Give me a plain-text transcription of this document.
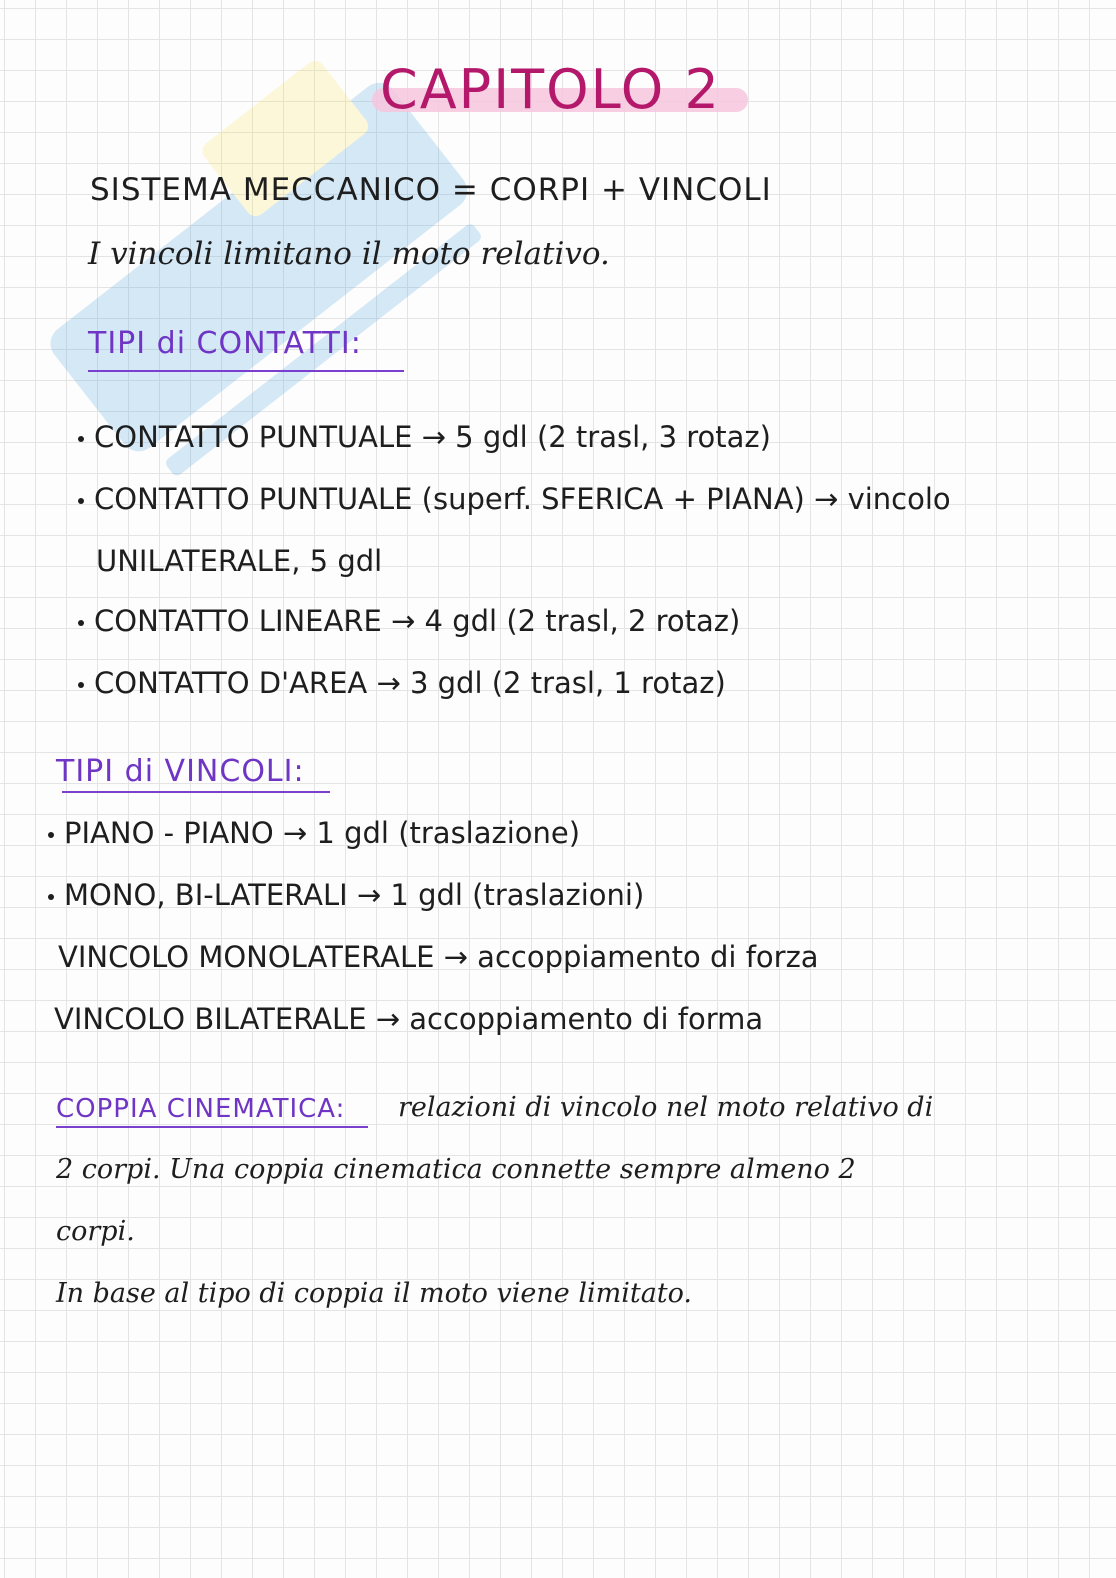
CAPITOLO 2
SISTEMA MECCANICO = CORPI + VINCOLI
I vincoli limitano il moto relativo.
TIPI di CONTATTI:
CONTATTO PUNTUALE → 5 gdl (2 trasl, 3 rotaz)
CONTATTO PUNTUALE (superf. SFERICA + PIANA) → vincolo
UNILATERALE, 5 gdl
CONTATTO LINEARE → 4 gdl (2 trasl, 2 rotaz)
CONTATTO D'AREA → 3 gdl (2 trasl, 1 rotaz)
TIPI di VINCOLI:
PIANO - PIANO → 1 gdl (traslazione)
MONO, BI-LATERALI → 1 gdl (traslazioni)
VINCOLO MONOLATERALE → accoppiamento di forza
VINCOLO BILATERALE → accoppiamento di forma
COPPIA CINEMATICA: relazioni di vincolo nel moto relativo di
2 corpi. Una coppia cinematica connette sempre almeno 2
corpi.
In base al tipo di coppia il moto viene limitato.
